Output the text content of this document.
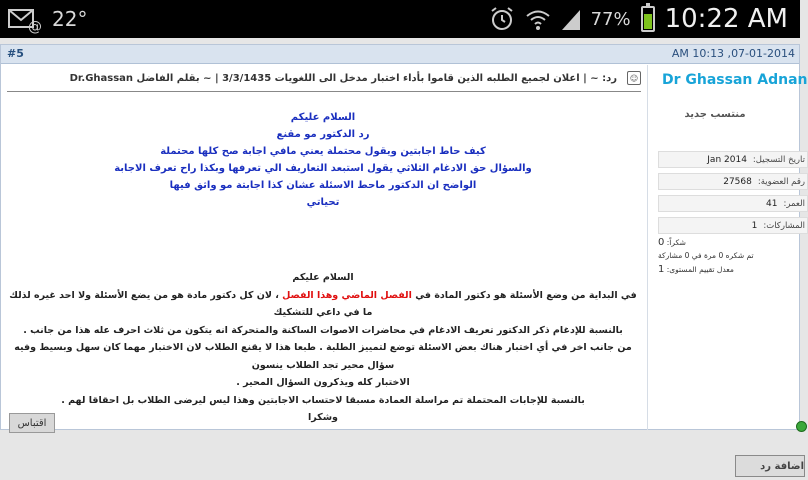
@ 22°	77% 10:22 AM
#5	07-01-2014, 10:13 AM
رد: ~ | اعلان لجميع الطلبه الذين قاموا بأداء اختبار مدخل الى اللغويات 3/3/1435 | ~ بقلم الفاضل Dr.Ghassan	☺
السلام عليكم
رد الدكتور مو مقنع
كيف حاط اجابتين ويقول محتملة يعني مافي اجابة صح كلها محتملة
والسؤال حق الادغام الثلاثي يقول استبعد التعاريف الي تعرفها وبكذا راح تعرف الاجابة
الواضح ان الدكتور ماحط الاسئلة عشان كذا اجابتة مو واثق فيها
تحياتي
السلام عليكم
في البداية من وضع الأسئلة هو دكتور المادة في الفصل الماضي وهذا الفصل ، لان كل دكتور مادة هو من يضع الأسئلة ولا احد غيره لذلك ما في داعي للتشكيك
بالنسبة للإدغام ذكر الدكتور تعريف الادغام في محاضرات الاصوات الساكنة والمتحركة انه يتكون من ثلاث احرف عله هذا من جانب .
من جانب اخر في أي اختبار هناك بعض الاسئلة توضع لتمييز الطلبة . طبعا هذا لا يقنع الطلاب لان الاختبار مهما كان سهل وبسيط وفيه سؤال محير تجد الطلاب ينسون
الاختبار كله ويذكرون السؤال المحير .
بالنسبة للإجابات المحتملة تم مراسلة العمادة مسبقا لاحتساب الاجابتين وهذا ليس ليرضى الطلاب بل احقاقا لهم .
وشكرا
اقتباس
Dr Ghassan Adnan
منتسب جديد
تاريخ التسجيل:
Jan 2014
رقم العضوية:
27568
العمر:
41
المشاركات:
1
شكراً: 0
تم شكره 0 مرة في 0 مشاركة
معدل تقييم المستوى: 1
اضافة رد
